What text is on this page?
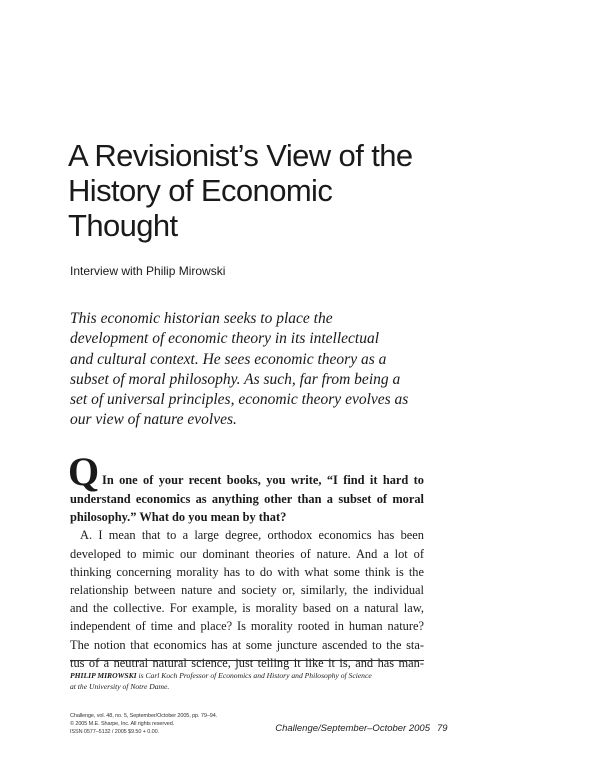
A Revisionist’s View of the
History of Economic
Thought
Interview with Philip Mirowski
This economic historian seeks to place the
development of economic theory in its intellectual
and cultural context. He sees economic theory as a
subset of moral philosophy. As such, far from being a
set of universal principles, economic theory evolves as
our view of nature evolves.
Q In one of your recent books, you write, “I find it hard to
understand economics as anything other than a subset of moral
philosophy.” What do you mean by that?
A. I mean that to a large degree, orthodox economics has been
developed to mimic our dominant theories of nature. And a lot of
thinking concerning morality has to do with what some think is the
relationship between nature and society or, similarly, the individual
and the collective. For example, is morality based on a natural law,
independent of time and place? Is morality rooted in human nature?
The notion that economics has at some juncture ascended to the sta-
tus of a neutral natural science, just telling it like it is, and has man-
PHILIP MIROWSKI is Carl Koch Professor of Economics and History and Philosophy of Science
at the University of Notre Dame.
Challenge, vol. 48, no. 5, September/October 2005, pp. 79–94.
© 2005 M.E. Sharpe, Inc. All rights reserved.
ISSN 0577–5132 / 2005 $9.50 + 0.00.	Challenge/September–October 2005 79
